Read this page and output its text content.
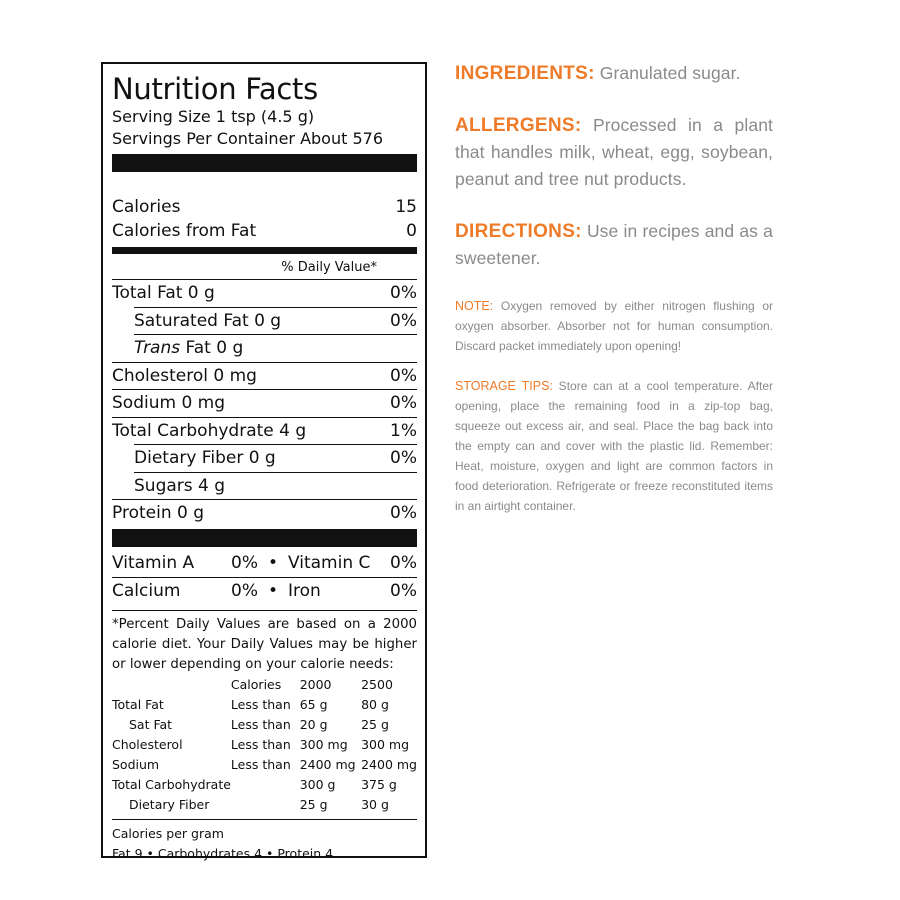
Nutrition Facts
Serving Size 1 tsp (4.5 g)
Servings Per Container About 576
Calories	15
Calories from Fat	0
% Daily Value*
Total Fat 0 g	0%
Saturated Fat 0 g	0%
Trans Fat 0 g
Cholesterol 0 mg	0%
Sodium 0 mg	0%
Total Carbohydrate 4 g	1%
Dietary Fiber 0 g	0%
Sugars 4 g
Protein 0 g	0%
Vitamin A	0% • Vitamin C	0%
Calcium	0% • Iron	0%
*Percent Daily Values are based on a 2000 calorie diet. Your Daily Values may be higher or lower depending on your calorie needs:
	Calories	2000	2500
Total Fat	Less than	65 g	80 g
Sat Fat	Less than	20 g	25 g
Cholesterol	Less than	300 mg	300 mg
Sodium	Less than	2400 mg	2400 mg
Total Carbohydrate		300 g	375 g
Dietary Fiber		25 g	30 g
Calories per gram
Fat 9 • Carbohydrates 4 • Protein 4

INGREDIENTS: Granulated sugar.

ALLERGENS: Processed in a plant that handles milk, wheat, egg, soybean, peanut and tree nut products.

DIRECTIONS: Use in recipes and as a sweetener.

NOTE: Oxygen removed by either nitrogen flushing or oxygen absorber. Absorber not for human consumption. Discard packet immediately upon opening!

STORAGE TIPS: Store can at a cool temperature. After opening, place the remaining food in a zip-top bag, squeeze out excess air, and seal. Place the bag back into the empty can and cover with the plastic lid. Remember: Heat, moisture, oxygen and light are common factors in food deterioration. Refrigerate or freeze reconstituted items in an airtight container.
